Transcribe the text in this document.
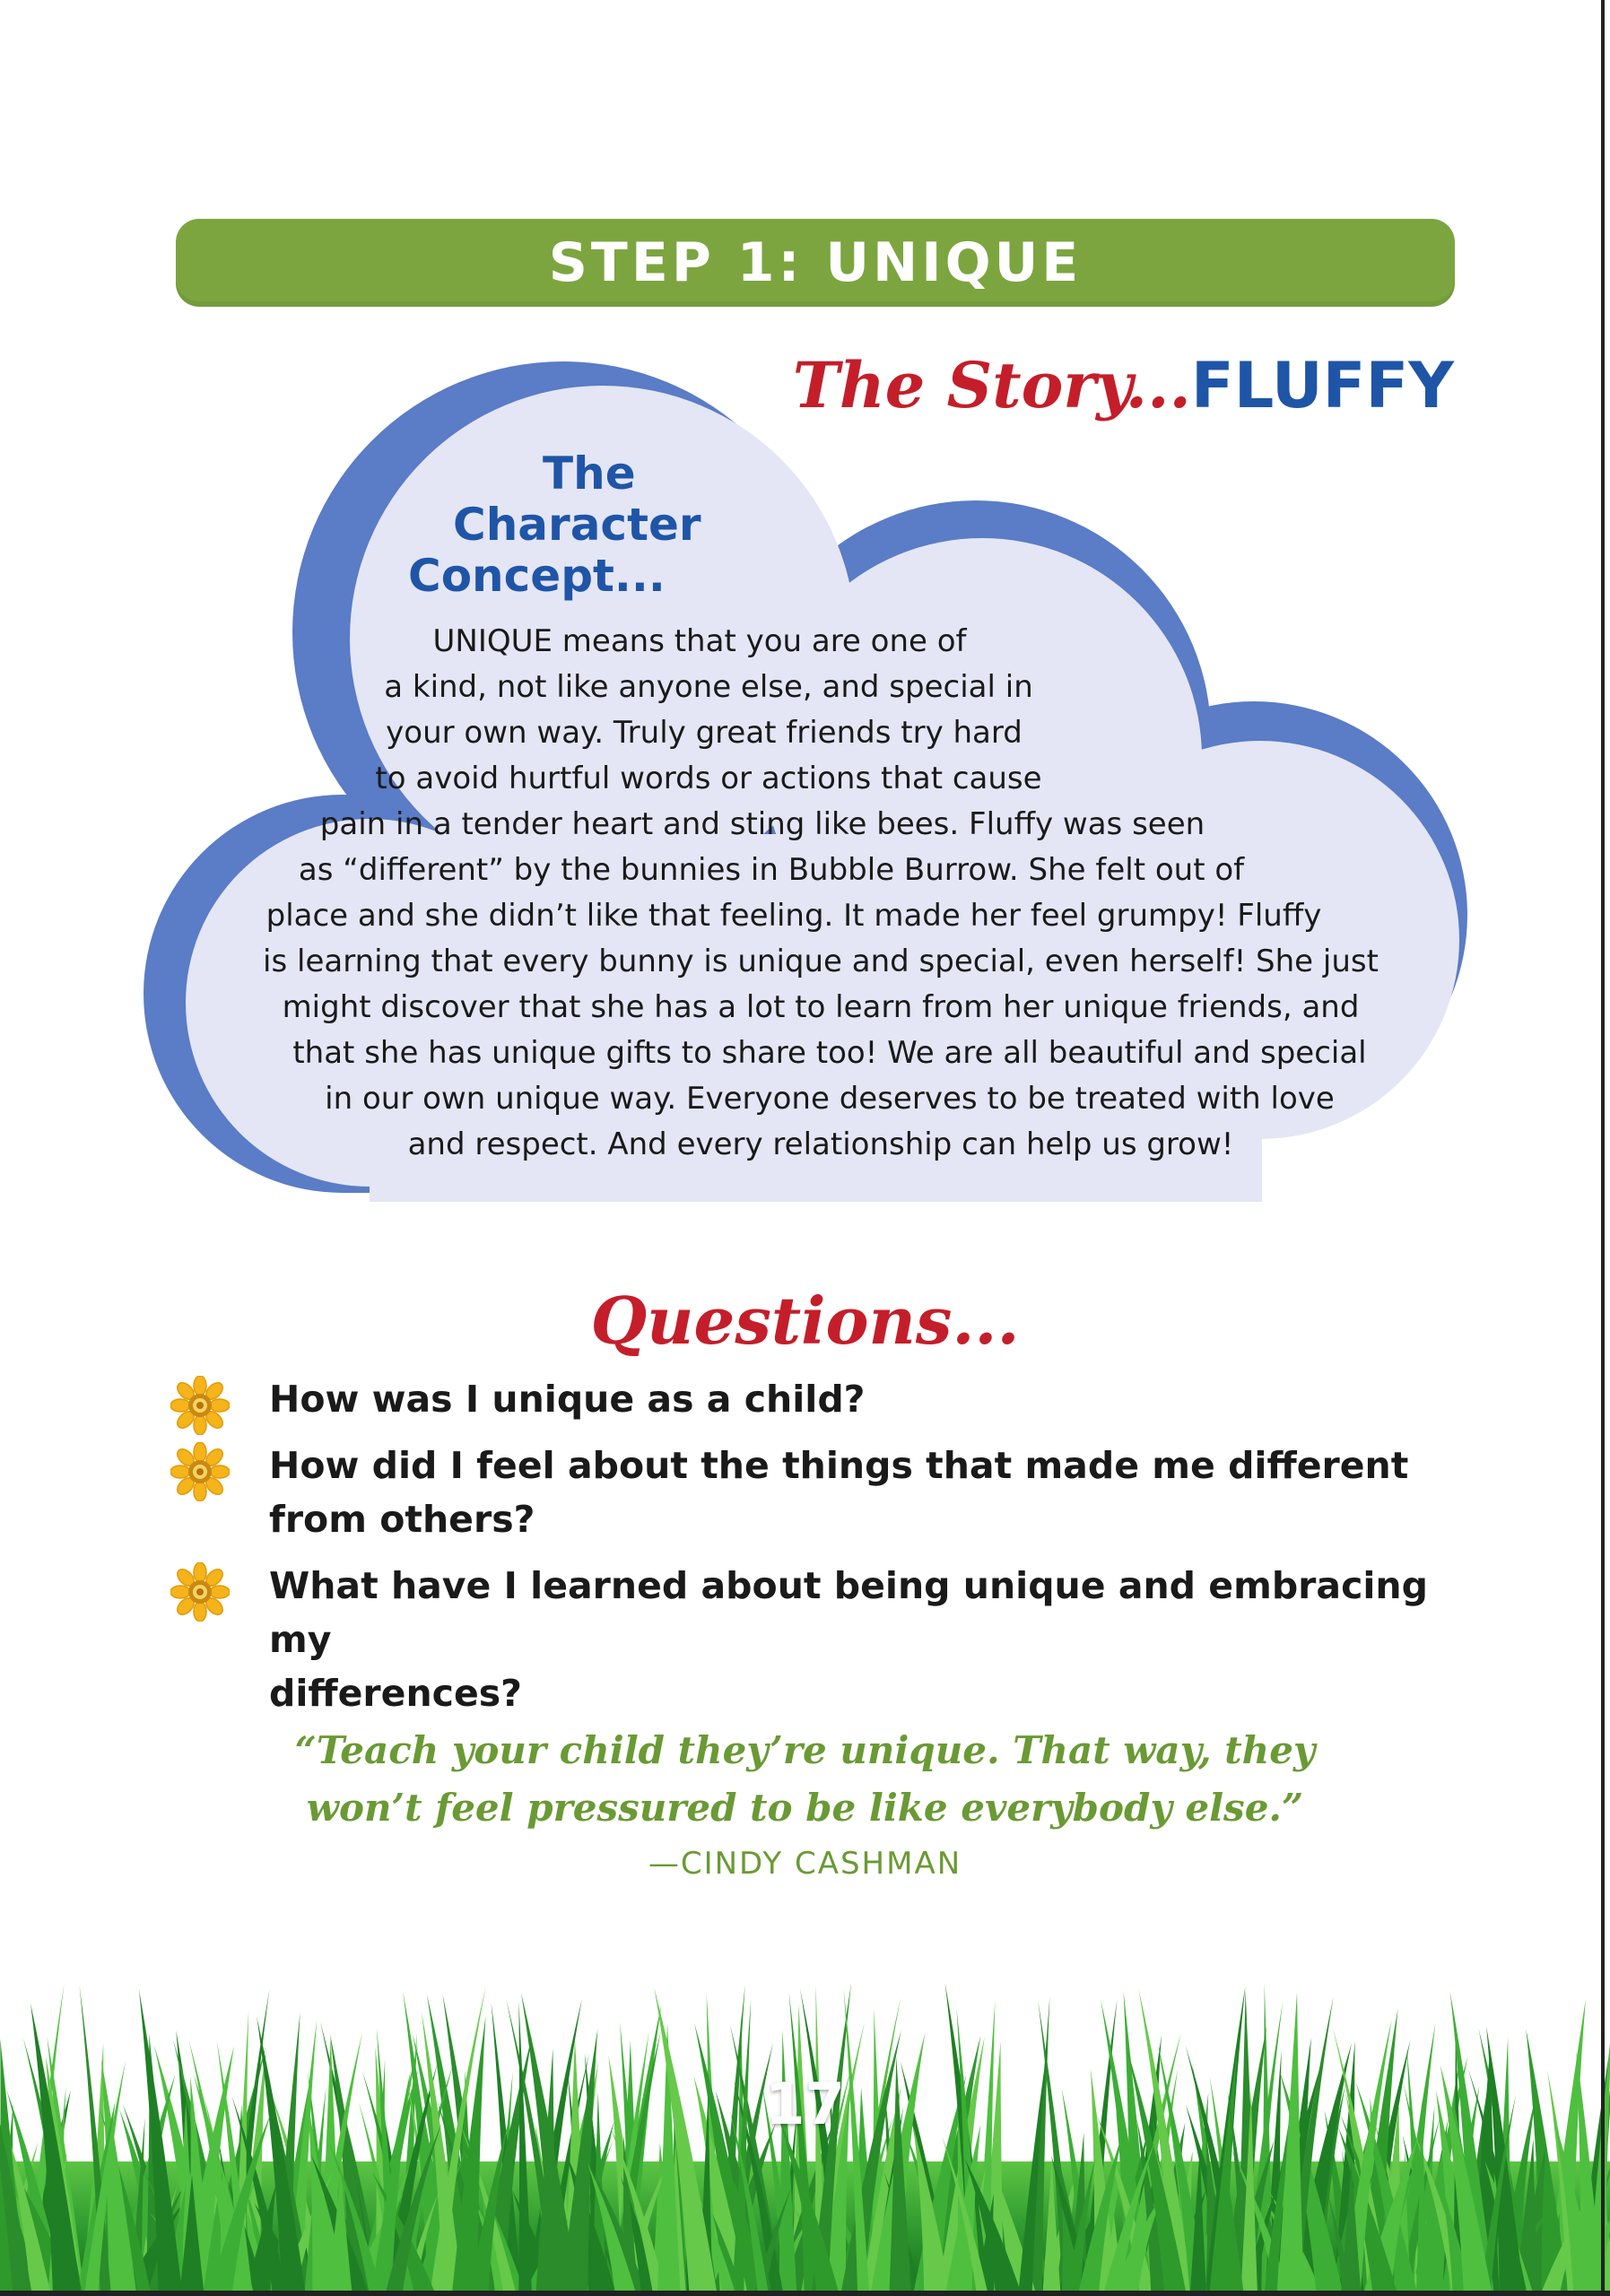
STEP 1: UNIQUE
The Story...FLUFFY
The
Character
Concept...

UNIQUE means that you are one of
a kind, not like anyone else, and special in
your own way. Truly great friends try hard
to avoid hurtful words or actions that cause
pain in a tender heart and sting like bees. Fluffy was seen
as “different” by the bunnies in Bubble Burrow. She felt out of
place and she didn’t like that feeling. It made her feel grumpy! Fluffy
is learning that every bunny is unique and special, even herself! She just
might discover that she has a lot to learn from her unique friends, and
that she has unique gifts to share too! We are all beautiful and special
in our own unique way. Everyone deserves to be treated with love
and respect. And every relationship can help us grow!

Questions...
How was I unique as a child?
How did I feel about the things that made me different
from others?
What have I learned about being unique and embracing my
differences?

“Teach your child they’re unique. That way, they
won’t feel pressured to be like everybody else.”

—CINDY CASHMAN
17
